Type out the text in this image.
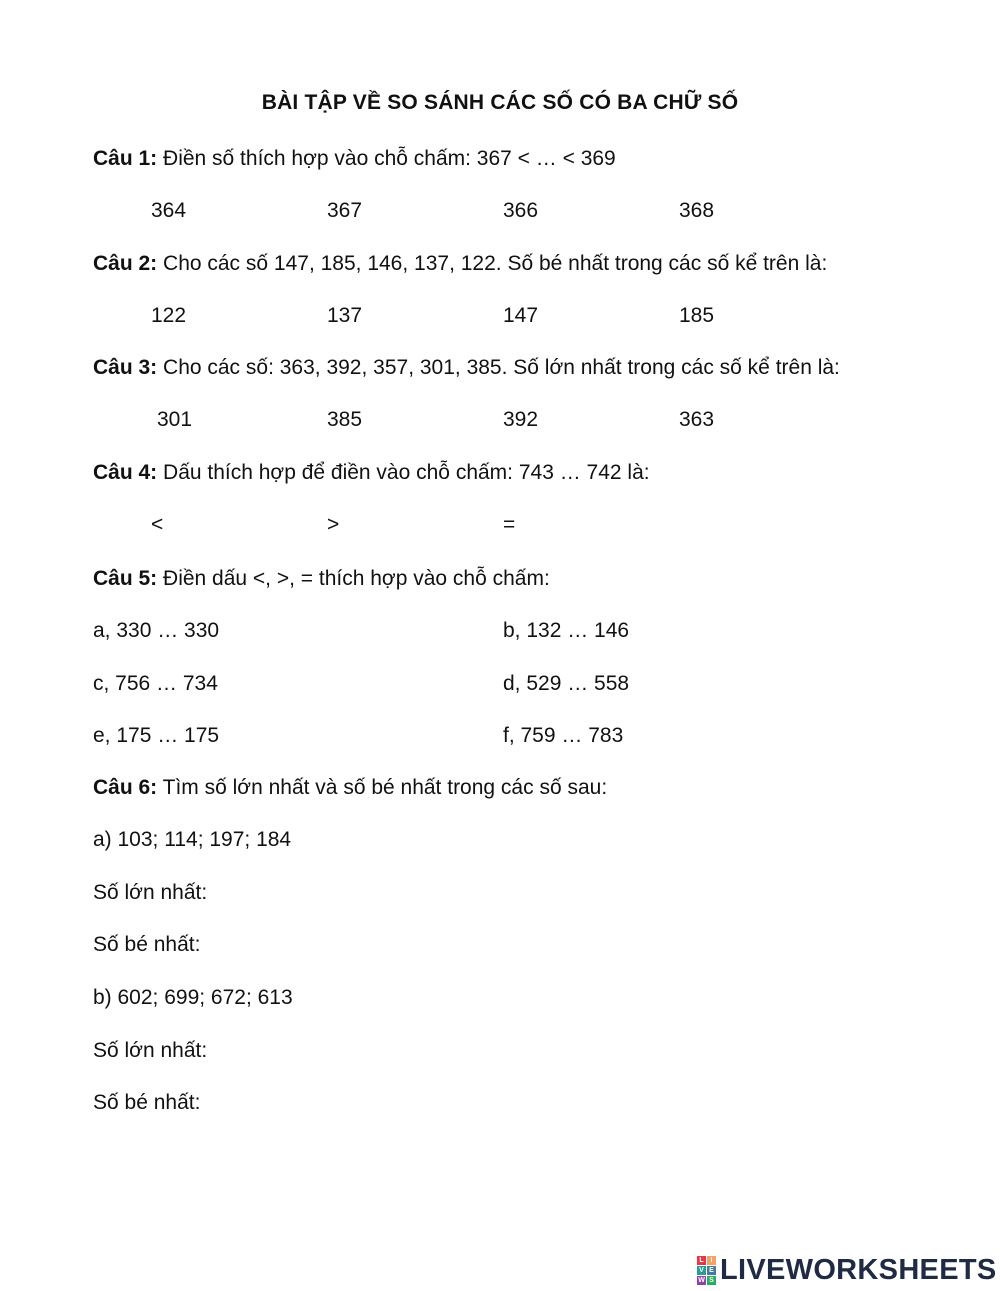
BÀI TẬP VỀ SO SÁNH CÁC SỐ CÓ BA CHỮ SỐ
Câu 1: Điền số thích hợp vào chỗ chấm: 367 < … < 369
364	367	366	368
Câu 2: Cho các số 147, 185, 146, 137, 122. Số bé nhất trong các số kể trên là:
122	137	147	185
Câu 3: Cho các số: 363, 392, 357, 301, 385. Số lớn nhất trong các số kể trên là:
301	385	392	363
Câu 4: Dấu thích hợp để điền vào chỗ chấm: 743 … 742 là:
<	>	=
Câu 5: Điền dấu <, >, = thích hợp vào chỗ chấm:
a, 330 … 330	b, 132 … 146
c, 756 … 734	d, 529 … 558
e, 175 … 175	f, 759 … 783
Câu 6: Tìm số lớn nhất và số bé nhất trong các số sau:
a) 103; 114; 197; 184
Số lớn nhất:
Số bé nhất:
b) 602; 699; 672; 613
Số lớn nhất:
Số bé nhất:
L I
V E
W S LIVEWORKSHEETS
